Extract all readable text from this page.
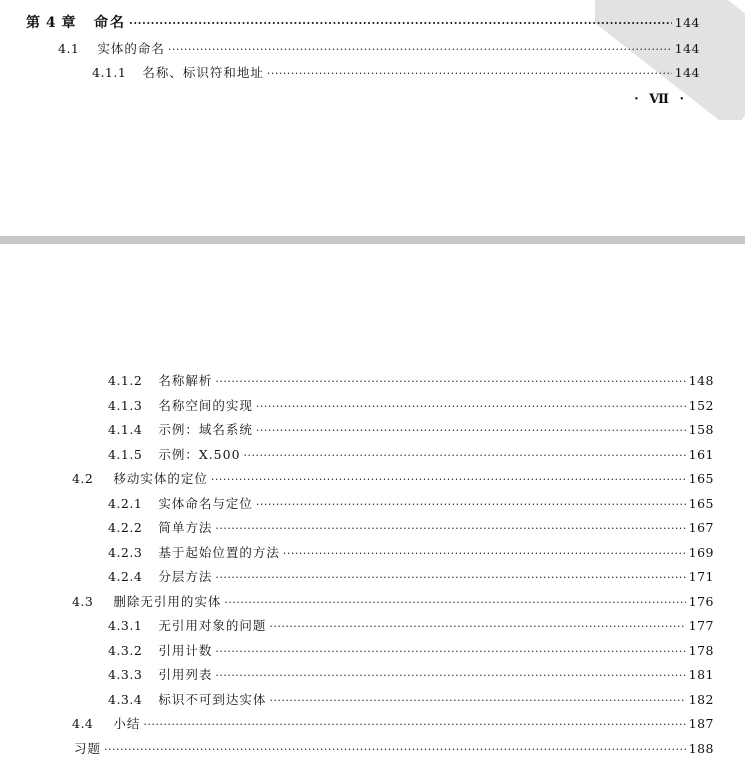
第 4 章 命名 ·····	144
4.1 实体的命名 ·····	144
4.1.1 名称、标识符和地址 ·····	144
· Ⅶ ·
4.1.2 名称解析 ·····	148
4.1.3 名称空间的实现 ·····	152
4.1.4 示例：域名系统 ·····	158
4.1.5 示例：X.500 ·····	161
4.2 移动实体的定位 ·····	165
4.2.1 实体命名与定位 ·····	165
4.2.2 简单方法 ·····	167
4.2.3 基于起始位置的方法 ·····	169
4.2.4 分层方法 ·····	171
4.3 删除无引用的实体 ·····	176
4.3.1 无引用对象的问题 ·····	177
4.3.2 引用计数 ·····	178
4.3.3 引用列表 ·····	181
4.3.4 标识不可到达实体 ·····	182
4.4 小结 ·····	187
习题 ·····	188
